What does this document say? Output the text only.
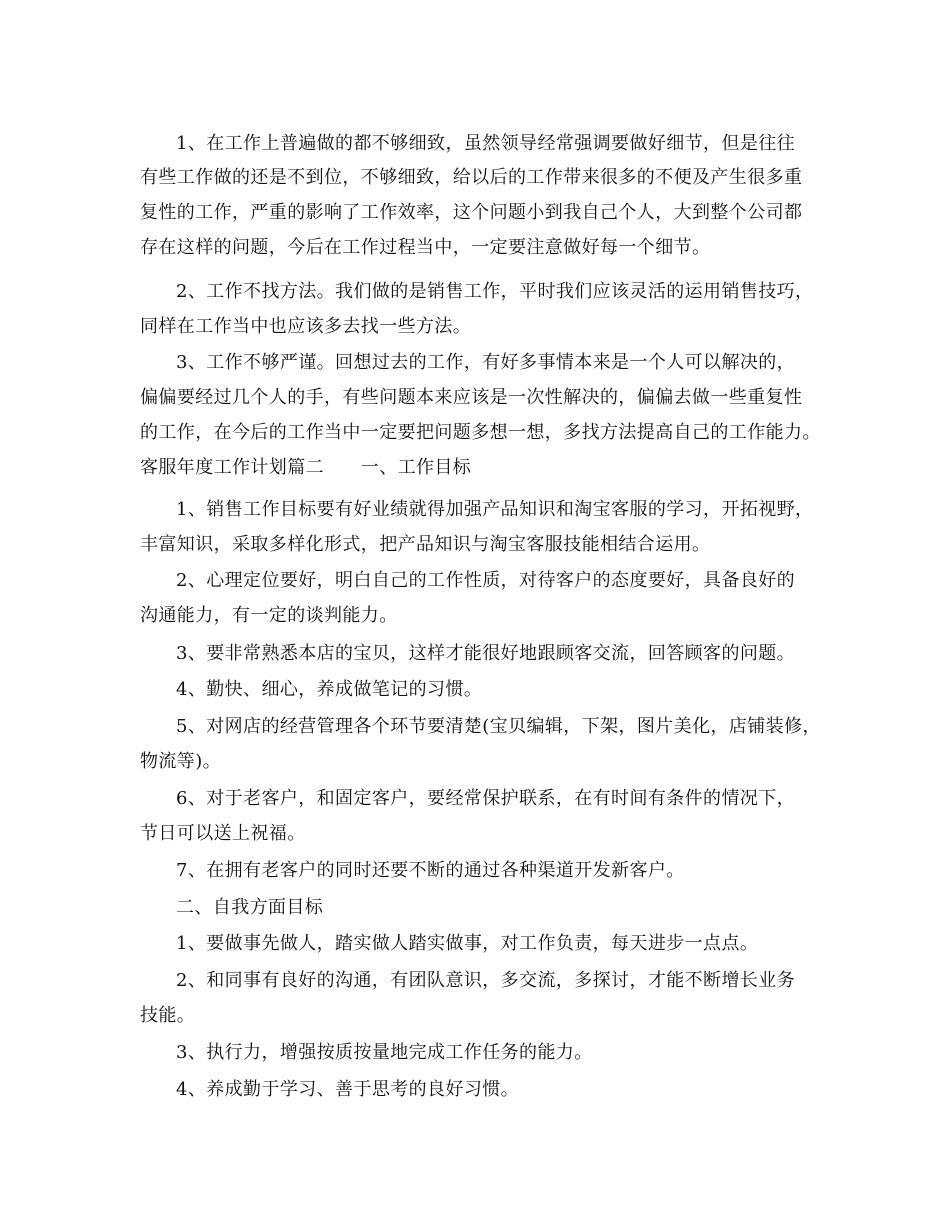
1、在工作上普遍做的都不够细致，虽然领导经常强调要做好细节，但是往往
有些工作做的还是不到位，不够细致，给以后的工作带来很多的不便及产生很多重
复性的工作，严重的影响了工作效率，这个问题小到我自己个人，大到整个公司都
存在这样的问题，今后在工作过程当中，一定要注意做好每一个细节。
2、工作不找方法。我们做的是销售工作，平时我们应该灵活的运用销售技巧，
同样在工作当中也应该多去找一些方法。
3、工作不够严谨。回想过去的工作，有好多事情本来是一个人可以解决的，
偏偏要经过几个人的手，有些问题本来应该是一次性解决的，偏偏去做一些重复性
的工作，在今后的工作当中一定要把问题多想一想，多找方法提高自己的工作能力。
客服年度工作计划篇二　　一、工作目标
1、销售工作目标要有好业绩就得加强产品知识和淘宝客服的学习，开拓视野，
丰富知识，采取多样化形式，把产品知识与淘宝客服技能相结合运用。
2、心理定位要好，明白自己的工作性质，对待客户的态度要好，具备良好的
沟通能力，有一定的谈判能力。
3、要非常熟悉本店的宝贝，这样才能很好地跟顾客交流，回答顾客的问题。
4、勤快、细心，养成做笔记的习惯。
5、对网店的经营管理各个环节要清楚(宝贝编辑，下架，图片美化，店铺装修，
物流等)。
6、对于老客户，和固定客户，要经常保护联系，在有时间有条件的情况下，
节日可以送上祝福。
7、在拥有老客户的同时还要不断的通过各种渠道开发新客户。
二、自我方面目标
1、要做事先做人，踏实做人踏实做事，对工作负责，每天进步一点点。
2、和同事有良好的沟通，有团队意识，多交流，多探讨，才能不断增长业务
技能。
3、执行力，增强按质按量地完成工作任务的能力。
4、养成勤于学习、善于思考的良好习惯。
